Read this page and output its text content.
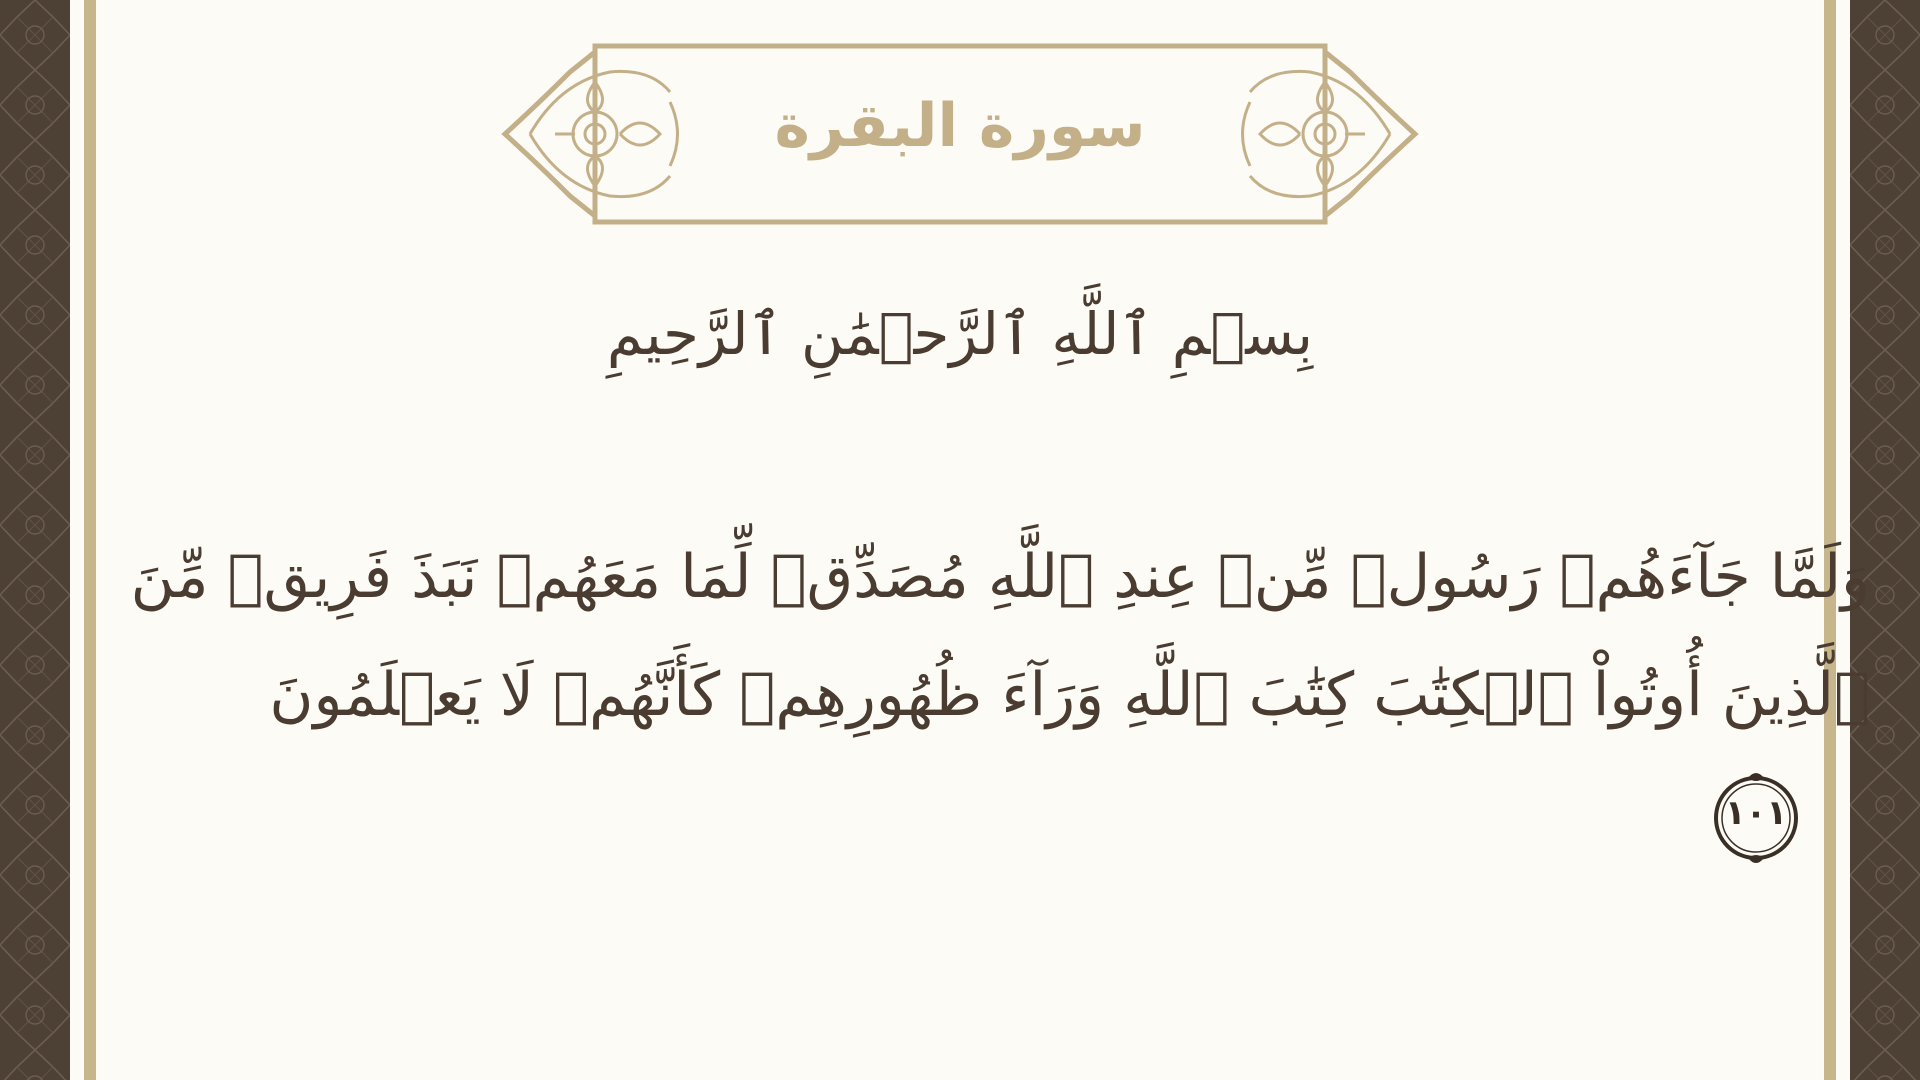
سورة البقرة
بِسۡمِ ٱللَّهِ ٱلرَّحۡمَٰنِ ٱلرَّحِيمِ
وَلَمَّا جَآءَهُمۡ رَسُولٞ مِّنۡ عِندِ ٱللَّهِ مُصَدِّقٞ لِّمَا مَعَهُمۡ نَبَذَ فَرِيقٞ مِّنَ
ٱلَّذِينَ أُوتُواْ ٱلۡكِتَٰبَ كِتَٰبَ ٱللَّهِ وَرَآءَ ظُهُورِهِمۡ كَأَنَّهُمۡ لَا يَعۡلَمُونَ
١٠١
